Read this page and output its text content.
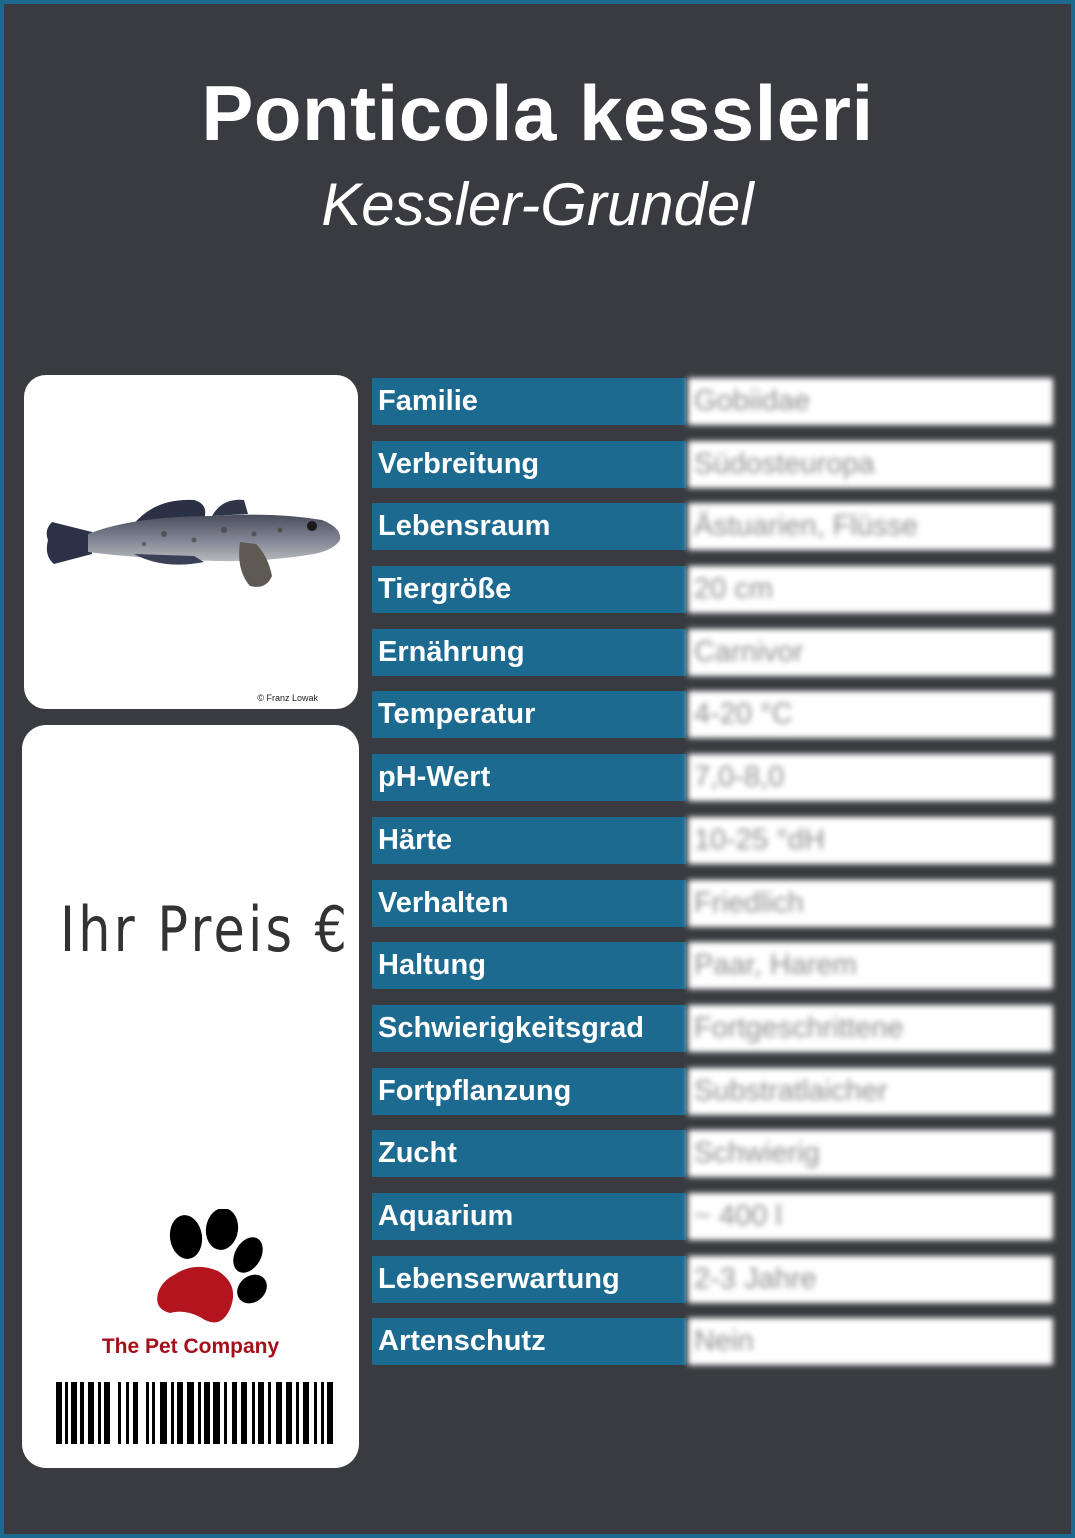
Ponticola kessleri
Kessler-Grundel
© Franz Lowak
Ihr Preis €
The Pet Company
Familie	Gobiidae
Verbreitung	Südosteuropa
Lebensraum	Ästuarien, Flüsse
Tiergröße	20 cm
Ernährung	Carnivor
Temperatur	4-20 °C
pH-Wert	7,0-8,0
Härte	10-25 °dH
Verhalten	Friedlich
Haltung	Paar, Harem
Schwierigkeitsgrad	Fortgeschrittene
Fortpflanzung	Substratlaicher
Zucht	Schwierig
Aquarium	~ 400 l
Lebenserwartung	2-3 Jahre
Artenschutz	Nein
